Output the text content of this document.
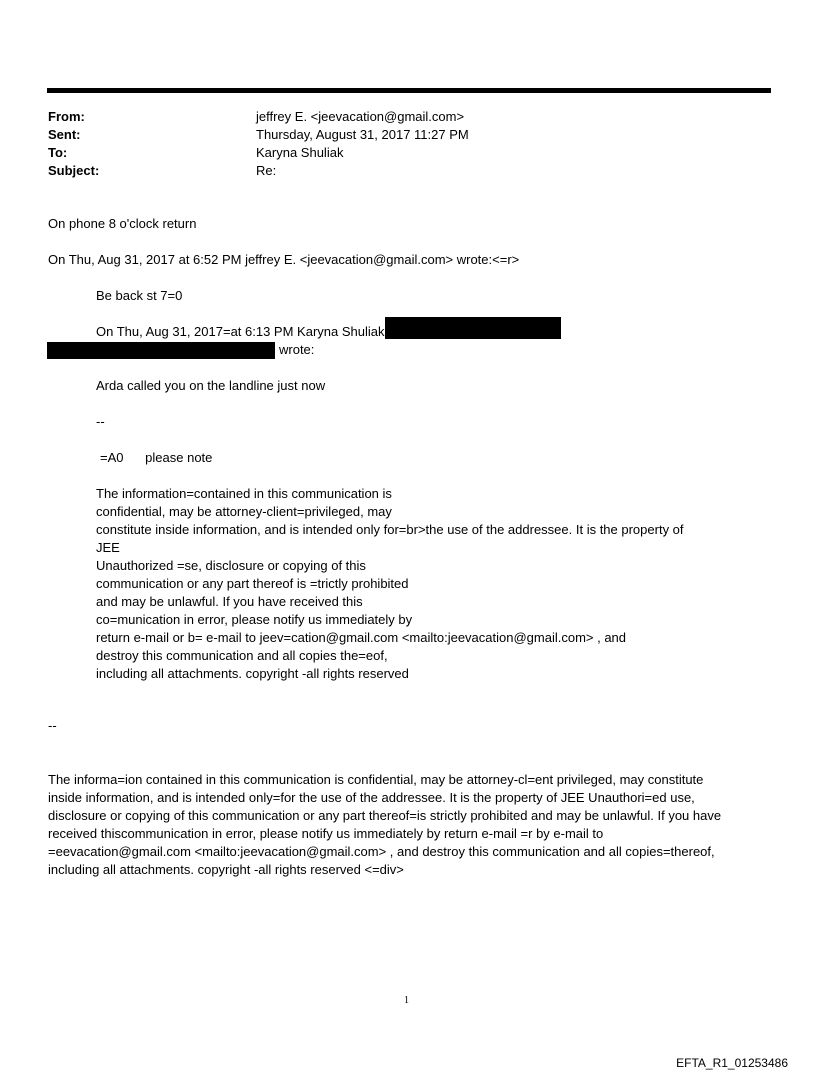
From:	jeffrey E. <jeevacation@gmail.com>
Sent:	Thursday, August 31, 2017 11:27 PM
To:	Karyna Shuliak
Subject:	Re:
On phone 8 o'clock return
On Thu, Aug 31, 2017 at 6:52 PM jeffrey E. <jeevacation@gmail.com> wrote:<=r>
Be back st 7=0
On Thu, Aug 31, 2017=at 6:13 PM Karyna Shuliak
wrote:
Arda called you on the landline just now
--
=A0      please note
The information=contained in this communication is
confidential, may be attorney-client=privileged, may
constitute inside information, and is intended only for=br>the use of the addressee. It is the property of
JEE
Unauthorized =se, disclosure or copying of this
communication or any part thereof is =trictly prohibited
and may be unlawful. If you have received this
co=munication in error, please notify us immediately by
return e-mail or b= e-mail to jeev=cation@gmail.com <mailto:jeevacation@gmail.com> , and
destroy this communication and all copies the=eof,
including all attachments. copyright -all rights reserved
--
The informa=ion contained in this communication is confidential, may be attorney-cl=ent privileged, may constitute
inside information, and is intended only=for the use of the addressee. It is the property of JEE Unauthori=ed use,
disclosure or copying of this communication or any part thereof=is strictly prohibited and may be unlawful. If you have
received thiscommunication in error, please notify us immediately by return e-mail =r by e-mail to
=eevacation@gmail.com <mailto:jeevacation@gmail.com> , and destroy this communication and all copies=thereof,
including all attachments. copyright -all rights reserved <=div>
1
EFTA_R1_01253486
